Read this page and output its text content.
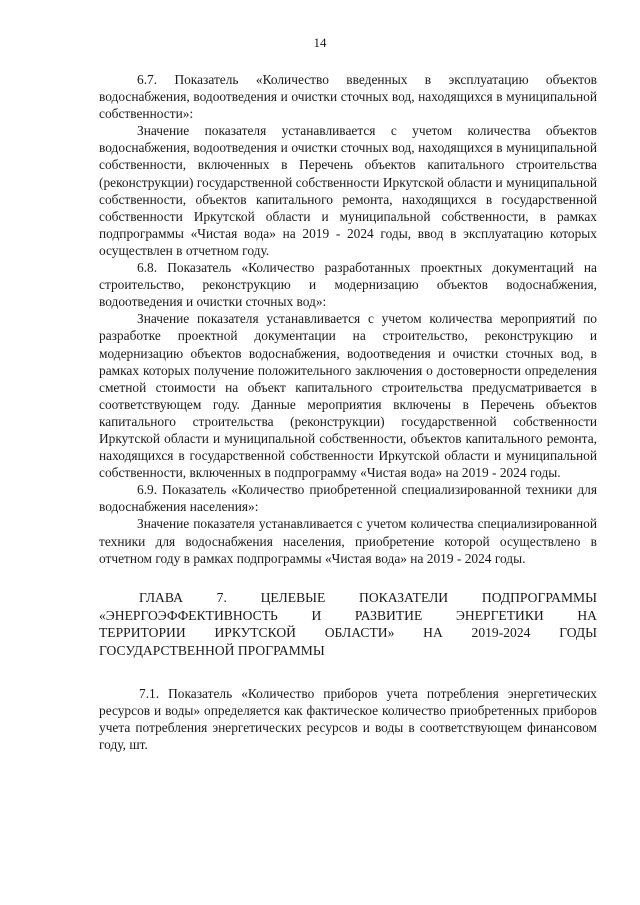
14

6.7. Показатель «Количество введенных в эксплуатацию объектов водоснабжения, водоотведения и очистки сточных вод, находящихся в муниципальной собственности»:

Значение показателя устанавливается с учетом количества объектов водоснабжения, водоотведения и очистки сточных вод, находящихся в муниципальной собственности, включенных в Перечень объектов капитального строительства (реконструкции) государственной собственности Иркутской области и муниципальной собственности, объектов капитального ремонта, находящихся в государственной собственности Иркутской области и муниципальной собственности, в рамках подпрограммы «Чистая вода» на 2019 - 2024 годы, ввод в эксплуатацию которых осуществлен в отчетном году.

6.8. Показатель «Количество разработанных проектных документаций на строительство, реконструкцию и модернизацию объектов водоснабжения, водоотведения и очистки сточных вод»:

Значение показателя устанавливается с учетом количества мероприятий по разработке проектной документации на строительство, реконструкцию и модернизацию объектов водоснабжения, водоотведения и очистки сточных вод, в рамках которых получение положительного заключения о достоверности определения сметной стоимости на объект капитального строительства предусматривается в соответствующем году. Данные мероприятия включены в Перечень объектов капитального строительства (реконструкции) государственной собственности Иркутской области и муниципальной собственности, объектов капитального ремонта, находящихся в государственной собственности Иркутской области и муниципальной собственности, включенных в подпрограмму «Чистая вода» на 2019 - 2024 годы.

6.9. Показатель «Количество приобретенной специализированной техники для водоснабжения населения»:

Значение показателя устанавливается с учетом количества специализированной техники для водоснабжения населения, приобретение которой осуществлено в отчетном году в рамках подпрограммы «Чистая вода» на 2019 - 2024 годы.

ГЛАВА 7. ЦЕЛЕВЫЕ ПОКАЗАТЕЛИ ПОДПРОГРАММЫ
«ЭНЕРГОЭФФЕКТИВНОСТЬ И РАЗВИТИЕ ЭНЕРГЕТИКИ НА
ТЕРРИТОРИИ ИРКУТСКОЙ ОБЛАСТИ» НА 2019-2024 ГОДЫ
ГОСУДАРСТВЕННОЙ ПРОГРАММЫ

7.1. Показатель «Количество приборов учета потребления энергетических ресурсов и воды» определяется как фактическое количество приобретенных приборов учета потребления энергетических ресурсов и воды в соответствующем финансовом году, шт.
